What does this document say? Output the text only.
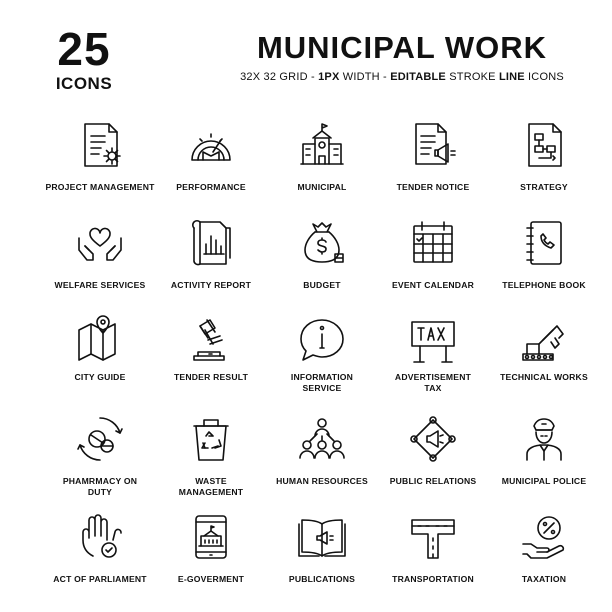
25
ICONS
MUNICIPAL WORK
32X 32 GRID - 1PX WIDTH - EDITABLE STROKE LINE ICONS
PROJECT MANAGEMENT	PERFORMANCE	MUNICIPAL	TENDER NOTICE	STRATEGY
WELFARE SERVICES	ACTIVITY REPORT	BUDGET	EVENT CALENDAR	TELEPHONE BOOK
CITY GUIDE	TENDER RESULT	INFORMATION
SERVICE
ADVERTISEMENT
TAX
TECHNICAL WORKS
PHAMRMACY ON
DUTY
WASTE
MANAGEMENT
HUMAN RESOURCES	PUBLIC RELATIONS	MUNICIPAL POLICE
ACT OF PARLIAMENT	E-GOVERMENT	PUBLICATIONS	TRANSPORTATION	TAXATION
